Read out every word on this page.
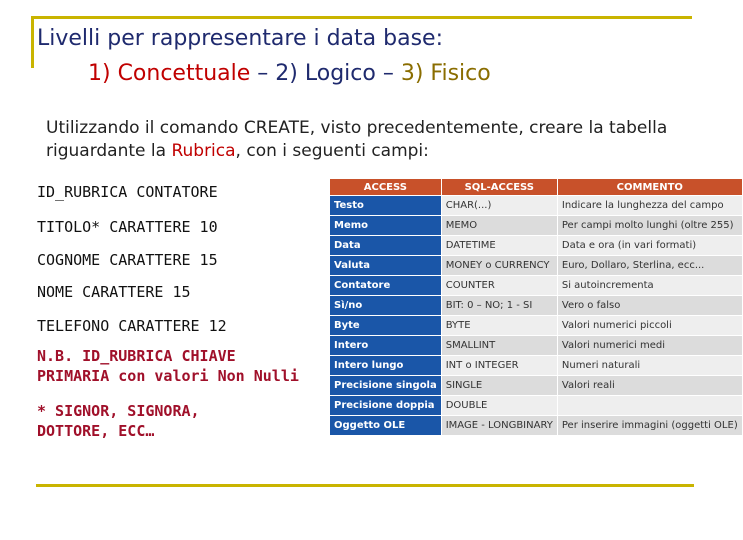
Livelli per rappresentare i data base:
1) Concettuale – 2) Logico – 3) Fisico
Utilizzando il comando CREATE, visto precedentemente, creare la tabella riguardante la Rubrica, con i seguenti campi:
ID_RUBRICA CONTATORE
TITOLO* CARATTERE 10
COGNOME CARATTERE 15
NOME CARATTERE 15
TELEFONO CARATTERE 12
N.B. ID_RUBRICA CHIAVE
PRIMARIA con valori Non Nulli
* SIGNOR, SIGNORA,
DOTTORE, ECC…
ACCESS	SQL-ACCESS	COMMENTO
Testo	CHAR(...)	Indicare la lunghezza del campo
Memo	MEMO	Per campi molto lunghi (oltre 255)
Data	DATETIME	Data e ora (in vari formati)
Valuta	MONEY o CURRENCY	Euro, Dollaro, Sterlina, ecc...
Contatore	COUNTER	Si autoincrementa
Sì/no	BIT: 0 – NO; 1 - SI	Vero o falso
Byte	BYTE	Valori numerici piccoli
Intero	SMALLINT	Valori numerici medi
Intero lungo	INT o INTEGER	Numeri naturali
Precisione singola	SINGLE	Valori reali
Precisione doppia	DOUBLE	
Oggetto OLE	IMAGE - LONGBINARY	Per inserire immagini (oggetti OLE)
